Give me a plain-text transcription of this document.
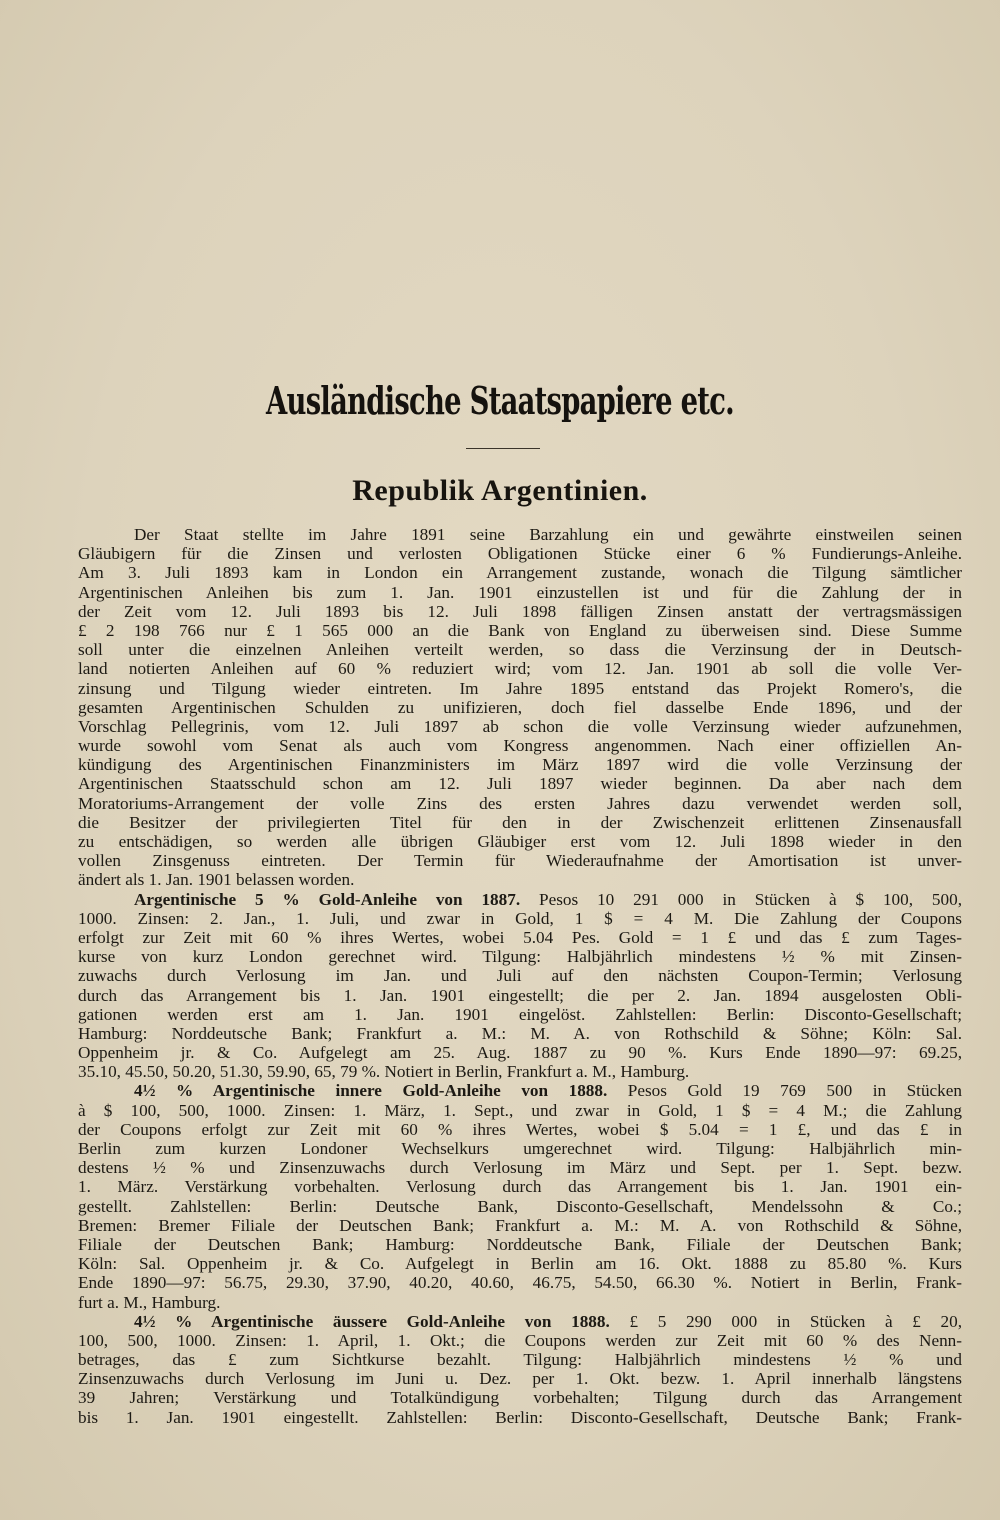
Ausländische Staatspapiere etc.
Republik Argentinien.
Der Staat stellte im Jahre 1891 seine Barzahlung ein und gewährte einstweilen seinen
Gläubigern für die Zinsen und verlosten Obligationen Stücke einer 6 % Fundierungs-Anleihe.
Am 3. Juli 1893 kam in London ein Arrangement zustande, wonach die Tilgung sämtlicher
Argentinischen Anleihen bis zum 1. Jan. 1901 einzustellen ist und für die Zahlung der in
der Zeit vom 12. Juli 1893 bis 12. Juli 1898 fälligen Zinsen anstatt der vertragsmässigen
£ 2 198 766 nur £ 1 565 000 an die Bank von England zu überweisen sind. Diese Summe
soll unter die einzelnen Anleihen verteilt werden, so dass die Verzinsung der in Deutsch-
land notierten Anleihen auf 60 % reduziert wird; vom 12. Jan. 1901 ab soll die volle Ver-
zinsung und Tilgung wieder eintreten. Im Jahre 1895 entstand das Projekt Romero's, die
gesamten Argentinischen Schulden zu unifizieren, doch fiel dasselbe Ende 1896, und der
Vorschlag Pellegrinis, vom 12. Juli 1897 ab schon die volle Verzinsung wieder aufzunehmen,
wurde sowohl vom Senat als auch vom Kongress angenommen. Nach einer offiziellen An-
kündigung des Argentinischen Finanzministers im März 1897 wird die volle Verzinsung der
Argentinischen Staatsschuld schon am 12. Juli 1897 wieder beginnen. Da aber nach dem
Moratoriums-Arrangement der volle Zins des ersten Jahres dazu verwendet werden soll,
die Besitzer der privilegierten Titel für den in der Zwischenzeit erlittenen Zinsenausfall
zu entschädigen, so werden alle übrigen Gläubiger erst vom 12. Juli 1898 wieder in den
vollen Zinsgenuss eintreten. Der Termin für Wiederaufnahme der Amortisation ist unver-
ändert als 1. Jan. 1901 belassen worden.
Argentinische 5 % Gold-Anleihe von 1887. Pesos 10 291 000 in Stücken à $ 100, 500,
1000. Zinsen: 2. Jan., 1. Juli, und zwar in Gold, 1 $ = 4 M. Die Zahlung der Coupons
erfolgt zur Zeit mit 60 % ihres Wertes, wobei 5.04 Pes. Gold = 1 £ und das £ zum Tages-
kurse von kurz London gerechnet wird. Tilgung: Halbjährlich mindestens ½ % mit Zinsen-
zuwachs durch Verlosung im Jan. und Juli auf den nächsten Coupon-Termin; Verlosung
durch das Arrangement bis 1. Jan. 1901 eingestellt; die per 2. Jan. 1894 ausgelosten Obli-
gationen werden erst am 1. Jan. 1901 eingelöst. Zahlstellen: Berlin: Disconto-Gesellschaft;
Hamburg: Norddeutsche Bank; Frankfurt a. M.: M. A. von Rothschild & Söhne; Köln: Sal.
Oppenheim jr. & Co. Aufgelegt am 25. Aug. 1887 zu 90 %. Kurs Ende 1890—97: 69.25,
35.10, 45.50, 50.20, 51.30, 59.90, 65, 79 %. Notiert in Berlin, Frankfurt a. M., Hamburg.
4½ % Argentinische innere Gold-Anleihe von 1888. Pesos Gold 19 769 500 in Stücken
à $ 100, 500, 1000. Zinsen: 1. März, 1. Sept., und zwar in Gold, 1 $ = 4 M.; die Zahlung
der Coupons erfolgt zur Zeit mit 60 % ihres Wertes, wobei $ 5.04 = 1 £, und das £ in
Berlin zum kurzen Londoner Wechselkurs umgerechnet wird. Tilgung: Halbjährlich min-
destens ½ % und Zinsenzuwachs durch Verlosung im März und Sept. per 1. Sept. bezw.
1. März. Verstärkung vorbehalten. Verlosung durch das Arrangement bis 1. Jan. 1901 ein-
gestellt. Zahlstellen: Berlin: Deutsche Bank, Disconto-Gesellschaft, Mendelssohn & Co.;
Bremen: Bremer Filiale der Deutschen Bank; Frankfurt a. M.: M. A. von Rothschild & Söhne,
Filiale der Deutschen Bank; Hamburg: Norddeutsche Bank, Filiale der Deutschen Bank;
Köln: Sal. Oppenheim jr. & Co. Aufgelegt in Berlin am 16. Okt. 1888 zu 85.80 %. Kurs
Ende 1890—97: 56.75, 29.30, 37.90, 40.20, 40.60, 46.75, 54.50, 66.30 %. Notiert in Berlin, Frank-
furt a. M., Hamburg.
4½ % Argentinische äussere Gold-Anleihe von 1888. £ 5 290 000 in Stücken à £ 20,
100, 500, 1000. Zinsen: 1. April, 1. Okt.; die Coupons werden zur Zeit mit 60 % des Nenn-
betrages, das £ zum Sichtkurse bezahlt. Tilgung: Halbjährlich mindestens ½ % und
Zinsenzuwachs durch Verlosung im Juni u. Dez. per 1. Okt. bezw. 1. April innerhalb längstens
39 Jahren; Verstärkung und Totalkündigung vorbehalten; Tilgung durch das Arrangement
bis 1. Jan. 1901 eingestellt. Zahlstellen: Berlin: Disconto-Gesellschaft, Deutsche Bank; Frank-
